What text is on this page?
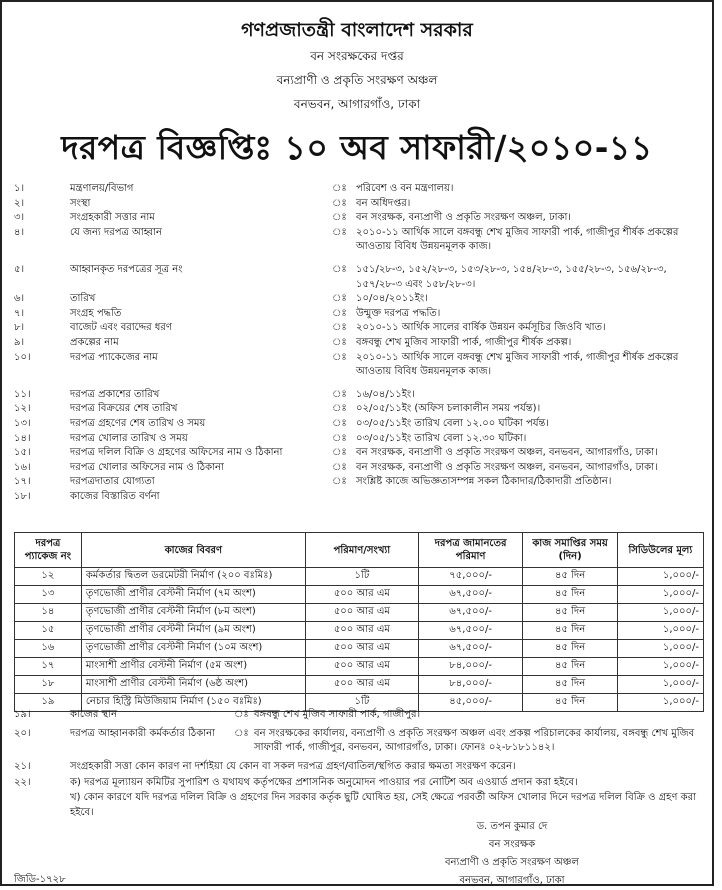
গণপ্রজাতন্ত্রী বাংলাদেশ সরকার
বন সংরক্ষকের দপ্তর
বন্যপ্রাণী ও প্রকৃতি সংরক্ষণ অঞ্চল
বনভবন, আগারগাঁও, ঢাকা
দরপত্র বিজ্ঞপ্তিঃ ১০ অব সাফারী/২০১০-১১
১।	মন্ত্রণালয়/বিভাগ	ঃ পরিবেশ ও বন মন্ত্রণালয়।
২।	সংস্থা	ঃ বন অধিদপ্তর।
৩।	সংগ্রহকারী সত্তার নাম	ঃ বন সংরক্ষক, বন্যপ্রাণী ও প্রকৃতি সংরক্ষণ অঞ্চল, ঢাকা।
৪।	যে জন্য দরপত্র আহ্বান	ঃ ২০১০-১১ আর্থিক সালে বঙ্গবন্ধু শেখ মুজিব সাফারী পার্ক, গাজীপুর শীর্ষক প্রকল্পের আওতায় বিবিধ উন্নয়নমূলক কাজ।
৫।	আহ্বানকৃত দরপত্রের সূত্র নং	ঃ ১৫১/২৮-৩, ১৫২/২৮-৩, ১৫৩/২৮-৩, ১৫৪/২৮-৩, ১৫৫/২৮-৩, ১৫৬/২৮-৩, ১৫৭/২৮-৩ এবং ১৫৮/২৮-৩।
৬।	তারিখ	ঃ ১০/০৪/২০১১ইং।
৭।	সংগ্রহ পদ্ধতি	ঃ উন্মুক্ত দরপত্র পদ্ধতি।
৮।	বাজেট এবং বরাদ্দের ধরণ	ঃ ২০১০-১১ আর্থিক সালের বার্ষিক উন্নয়ন কর্মসূচির জিওবি খাত।
৯।	প্রকল্পের নাম	ঃ বঙ্গবন্ধু শেখ মুজিব সাফারী পার্ক, গাজীপুর শীর্ষক প্রকল্প।
১০।	দরপত্র প্যাকেজের নাম	ঃ ২০১০-১১ আর্থিক সালে বঙ্গবন্ধু শেখ মুজিব সাফারী পার্ক, গাজীপুর শীর্ষক প্রকল্পের আওতায় বিবিধ উন্নয়নমূলক কাজ।
১১।	দরপত্র প্রকাশের তারিখ	ঃ ১৬/০৪/১১ইং।
১২।	দরপত্র বিক্রয়ের শেষ তারিখ	ঃ ০২/০৫/১১ইং (অফিস চলাকালীন সময় পর্যন্ত)।
১৩।	দরপত্র গ্রহণের শেষ তারিখ ও সময়	ঃ ০৩/০৫/১১ইং তারিখ বেলা ১২.০০ ঘটিকা পর্যন্ত।
১৪।	দরপত্র খোলার তারিখ ও সময়	ঃ ০৩/০৫/১১ইং তারিখ বেলা ১২.৩০ ঘটিকা।
১৫।	দরপত্র দলিল বিক্রি ও গ্রহণের অফিসের নাম ও ঠিকানা	ঃ বন সংরক্ষক, বন্যপ্রাণী ও প্রকৃতি সংরক্ষণ অঞ্চল, বনভবন, আগারগাঁও, ঢাকা।
১৬।	দরপত্র খোলার অফিসের নাম ও ঠিকানা	ঃ বন সংরক্ষক, বন্যপ্রাণী ও প্রকৃতি সংরক্ষণ অঞ্চল, বনভবন, আগারগাঁও, ঢাকা।
১৭।	দরপত্রদাতার যোগ্যতা	ঃ সংশ্লিষ্ট কাজে অভিজ্ঞতাসম্পন্ন সকল ঠিকাদার/ঠিকাদারী প্রতিষ্ঠান।
১৮।	কাজের বিস্তারিত বর্ণনা
দরপত্র প্যাকেজ নং	কাজের বিবরণ	পরিমাণ/সংখ্যা	দরপত্র জামানতের পরিমাণ	কাজ সমাপ্তির সময় (দিন)	সিডিউলের মূল্য
১২	কর্মকর্তার দ্বিতল ডরমেটরী নির্মাণ (২০০ বঃমিঃ)	১টি	৭৫,০০০/-	৪৫ দিন	১,০০০/-
১৩	তৃণভোজী প্রাণীর বেস্টনী নির্মাণ (৭ম অংশ)	৫০০ আর এম	৬৭,৫০০/-	৪৫ দিন	১,০০০/-
১৪	তৃণভোজী প্রাণীর বেস্টনী নির্মাণ (৮ম অংশ)	৫০০ আর এম	৬৭,৫০০/-	৪৫ দিন	১,০০০/-
১৫	তৃণভোজী প্রাণীর বেস্টনী নির্মাণ (৯ম অংশ)	৫০০ আর এম	৬৭,৫০০/-	৪৫ দিন	১,০০০/-
১৬	তৃণভোজী প্রাণীর বেস্টনী নির্মাণ (১০ম অংশ)	৫০০ আর এম	৬৭,৫০০/-	৪৫ দিন	১,০০০/-
১৭	মাংসাশী প্রাণীর বেস্টনী নির্মাণ (৫ম অংশ)	৫০০ আর এম	৮৪,০০০/-	৪৫ দিন	১,০০০/-
১৮	মাংসাশী প্রাণীর বেস্টনী নির্মাণ (৬ষ্ঠ অংশ)	৫০০ আর এম	৮৪,০০০/-	৪৫ দিন	১,০০০/-
১৯	নেচার হিস্ট্রি মিউজিয়াম নির্মাণ (১৫০ বঃমিঃ)	১টি	৪৫,০০০/-	৪৫ দিন	১,০০০/-
১৯।	কাজের স্থান	ঃ বঙ্গবন্ধু শেখ মুজিব সাফারী পার্ক, গাজীপুর।
২০।	দরপত্র আহ্বানকারী কর্মকর্তার ঠিকানা	ঃ বন সংরক্ষকের কার্যালয়, বন্যপ্রাণী ও প্রকৃতি সংরক্ষণ অঞ্চল এবং প্রকল্প পরিচালকের কার্যালয়, বঙ্গবন্ধু শেখ মুজিব সাফারী পার্ক, গাজীপুর, বনভবন, আগারগাঁও, ঢাকা। ফোনঃ ০২-৮১৮১১৪২।
২১।	সংগ্রহকারী সত্তা কোন কারণ না দর্শাইয়া যে কোন বা সকল দরপত্র গ্রহণ/বাতিল/স্থগিত করার ক্ষমতা সংরক্ষণ করেন।
২২।	ক) দরপত্র মূল্যায়ন কমিটির সুপারিশ ও যথাযথ কর্তৃপক্ষের প্রশাসনিক অনুমোদন পাওয়ার পর নোটিশ অব এওয়ার্ড প্রদান করা হইবে।
খ) কোন কারণে যদি দরপত্র দলিল বিক্রি ও গ্রহণের দিন সরকার কর্তৃক ছুটি ঘোষিত হয়, সেই ক্ষেত্রে পরবর্তী অফিস খোলার দিনে দরপত্র দলিল বিক্রি ও গ্রহণ করা হইবে।
ড. তপন কুমার দে
বন সংরক্ষক
বন্যপ্রাণী ও প্রকৃতি সংরক্ষণ অঞ্চল
বনভবন, আগারগাঁও, ঢাকা
জিডি-১৭২৮
